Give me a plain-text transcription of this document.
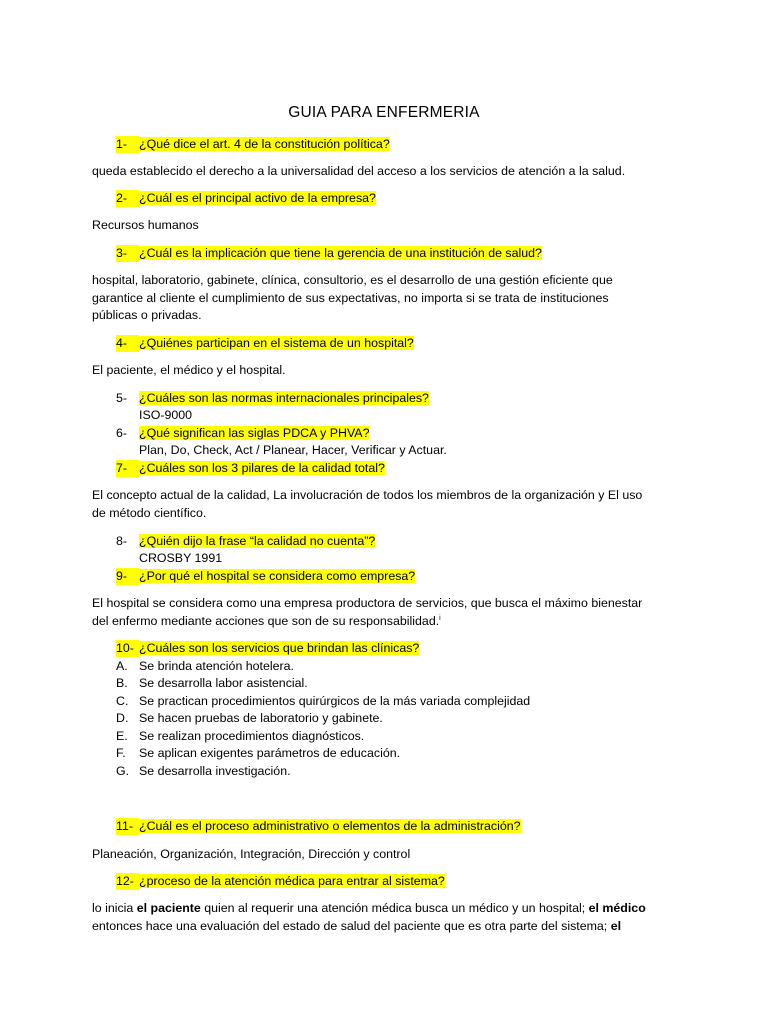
GUIA PARA ENFERMERIA
1- ¿Qué dice el art. 4 de la constitución política?
queda establecido el derecho a la universalidad del acceso a los servicios de atención a la salud.
2- ¿Cuál es el principal activo de la empresa?
Recursos humanos
3- ¿Cuál es la implicación que tiene la gerencia de una institución de salud?
hospital, laboratorio, gabinete, clínica, consultorio, es el desarrollo de una gestión eficiente que
garantice al cliente el cumplimiento de sus expectativas, no importa si se trata de instituciones
públicas o privadas.
4- ¿Quiénes participan en el sistema de un hospital?
El paciente, el médico y el hospital.
5- ¿Cuáles son las normas internacionales principales?
ISO-9000
6- ¿Qué significan las siglas PDCA y PHVA?
Plan, Do, Check, Act / Planear, Hacer, Verificar y Actuar.
7- ¿Cuáles son los 3 pilares de la calidad total?
El concepto actual de la calidad, La involucración de todos los miembros de la organización y El uso
de método científico.
8- ¿Quién dijo la frase “la calidad no cuenta”?
CROSBY 1991
9- ¿Por qué el hospital se considera como empresa?
El hospital se considera como una empresa productora de servicios, que busca el máximo bienestar
del enfermo mediante acciones que son de su responsabilidad.$^i$
10- ¿Cuáles son los servicios que brindan las clínicas?
A. Se brinda atención hotelera.
B. Se desarrolla labor asistencial.
C. Se practican procedimientos quirúrgicos de la más variada complejidad
D. Se hacen pruebas de laboratorio y gabinete.
E. Se realizan procedimientos diagnósticos.
F. Se aplican exigentes parámetros de educación.
G. Se desarrolla investigación.
11- ¿Cuál es el proceso administrativo o elementos de la administración?
Planeación, Organización, Integración, Dirección y control
12- ¿proceso de la atención médica para entrar al sistema?
lo inicia el paciente quien al requerir una atención médica busca un médico y un hospital; el médico
entonces hace una evaluación del estado de salud del paciente que es otra parte del sistema; el
